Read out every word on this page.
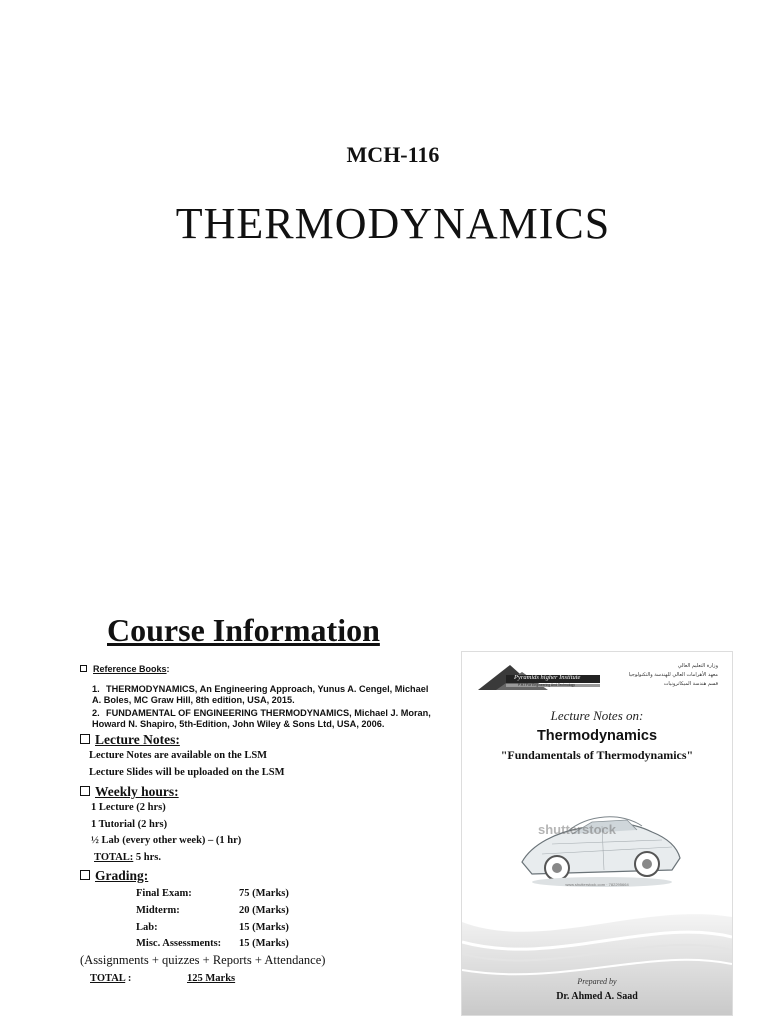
MCH-116
THERMODYNAMICS
Course Information
Reference Books:
1. THERMODYNAMICS, An Engineering Approach, Yunus A. Cengel, Michael A. Boles, MC Graw Hill, 8th edition, USA, 2015.
2. FUNDAMENTAL OF ENGINEERING THERMODYNAMICS, Michael J. Moran, Howard N. Shapiro, 5th-Edition, John Wiley & Sons Ltd, USA, 2006.
Lecture Notes:
Lecture Notes are available on the LSM
Lecture Slides will be uploaded on the LSM
Weekly hours:
1 Lecture (2 hrs)
1 Tutorial (2 hrs)
½ Lab (every other week) – (1 hr)
TOTAL: 5 hrs.
Grading:
Final Exam:	75 (Marks)
Midterm:	20 (Marks)
Lab:	15 (Marks)
Misc. Assessments: 15 (Marks)
(Assignments + quizzes + Reports + Attendance)
TOTAL :	125 Marks
Pyramids higher Institute
P.H.I For Engineering And Technology
وزارة التعليم العالي
معهد الأهرامات العالي للهندسة والتكنولوجيا
قسم هندسة الميكاترونيات
Lecture Notes on:
Thermodynamics
"Fundamentals of Thermodynamics"
shutterstock
www.shutterstock.com · 782295664
Prepared by
Dr. Ahmed A. Saad
